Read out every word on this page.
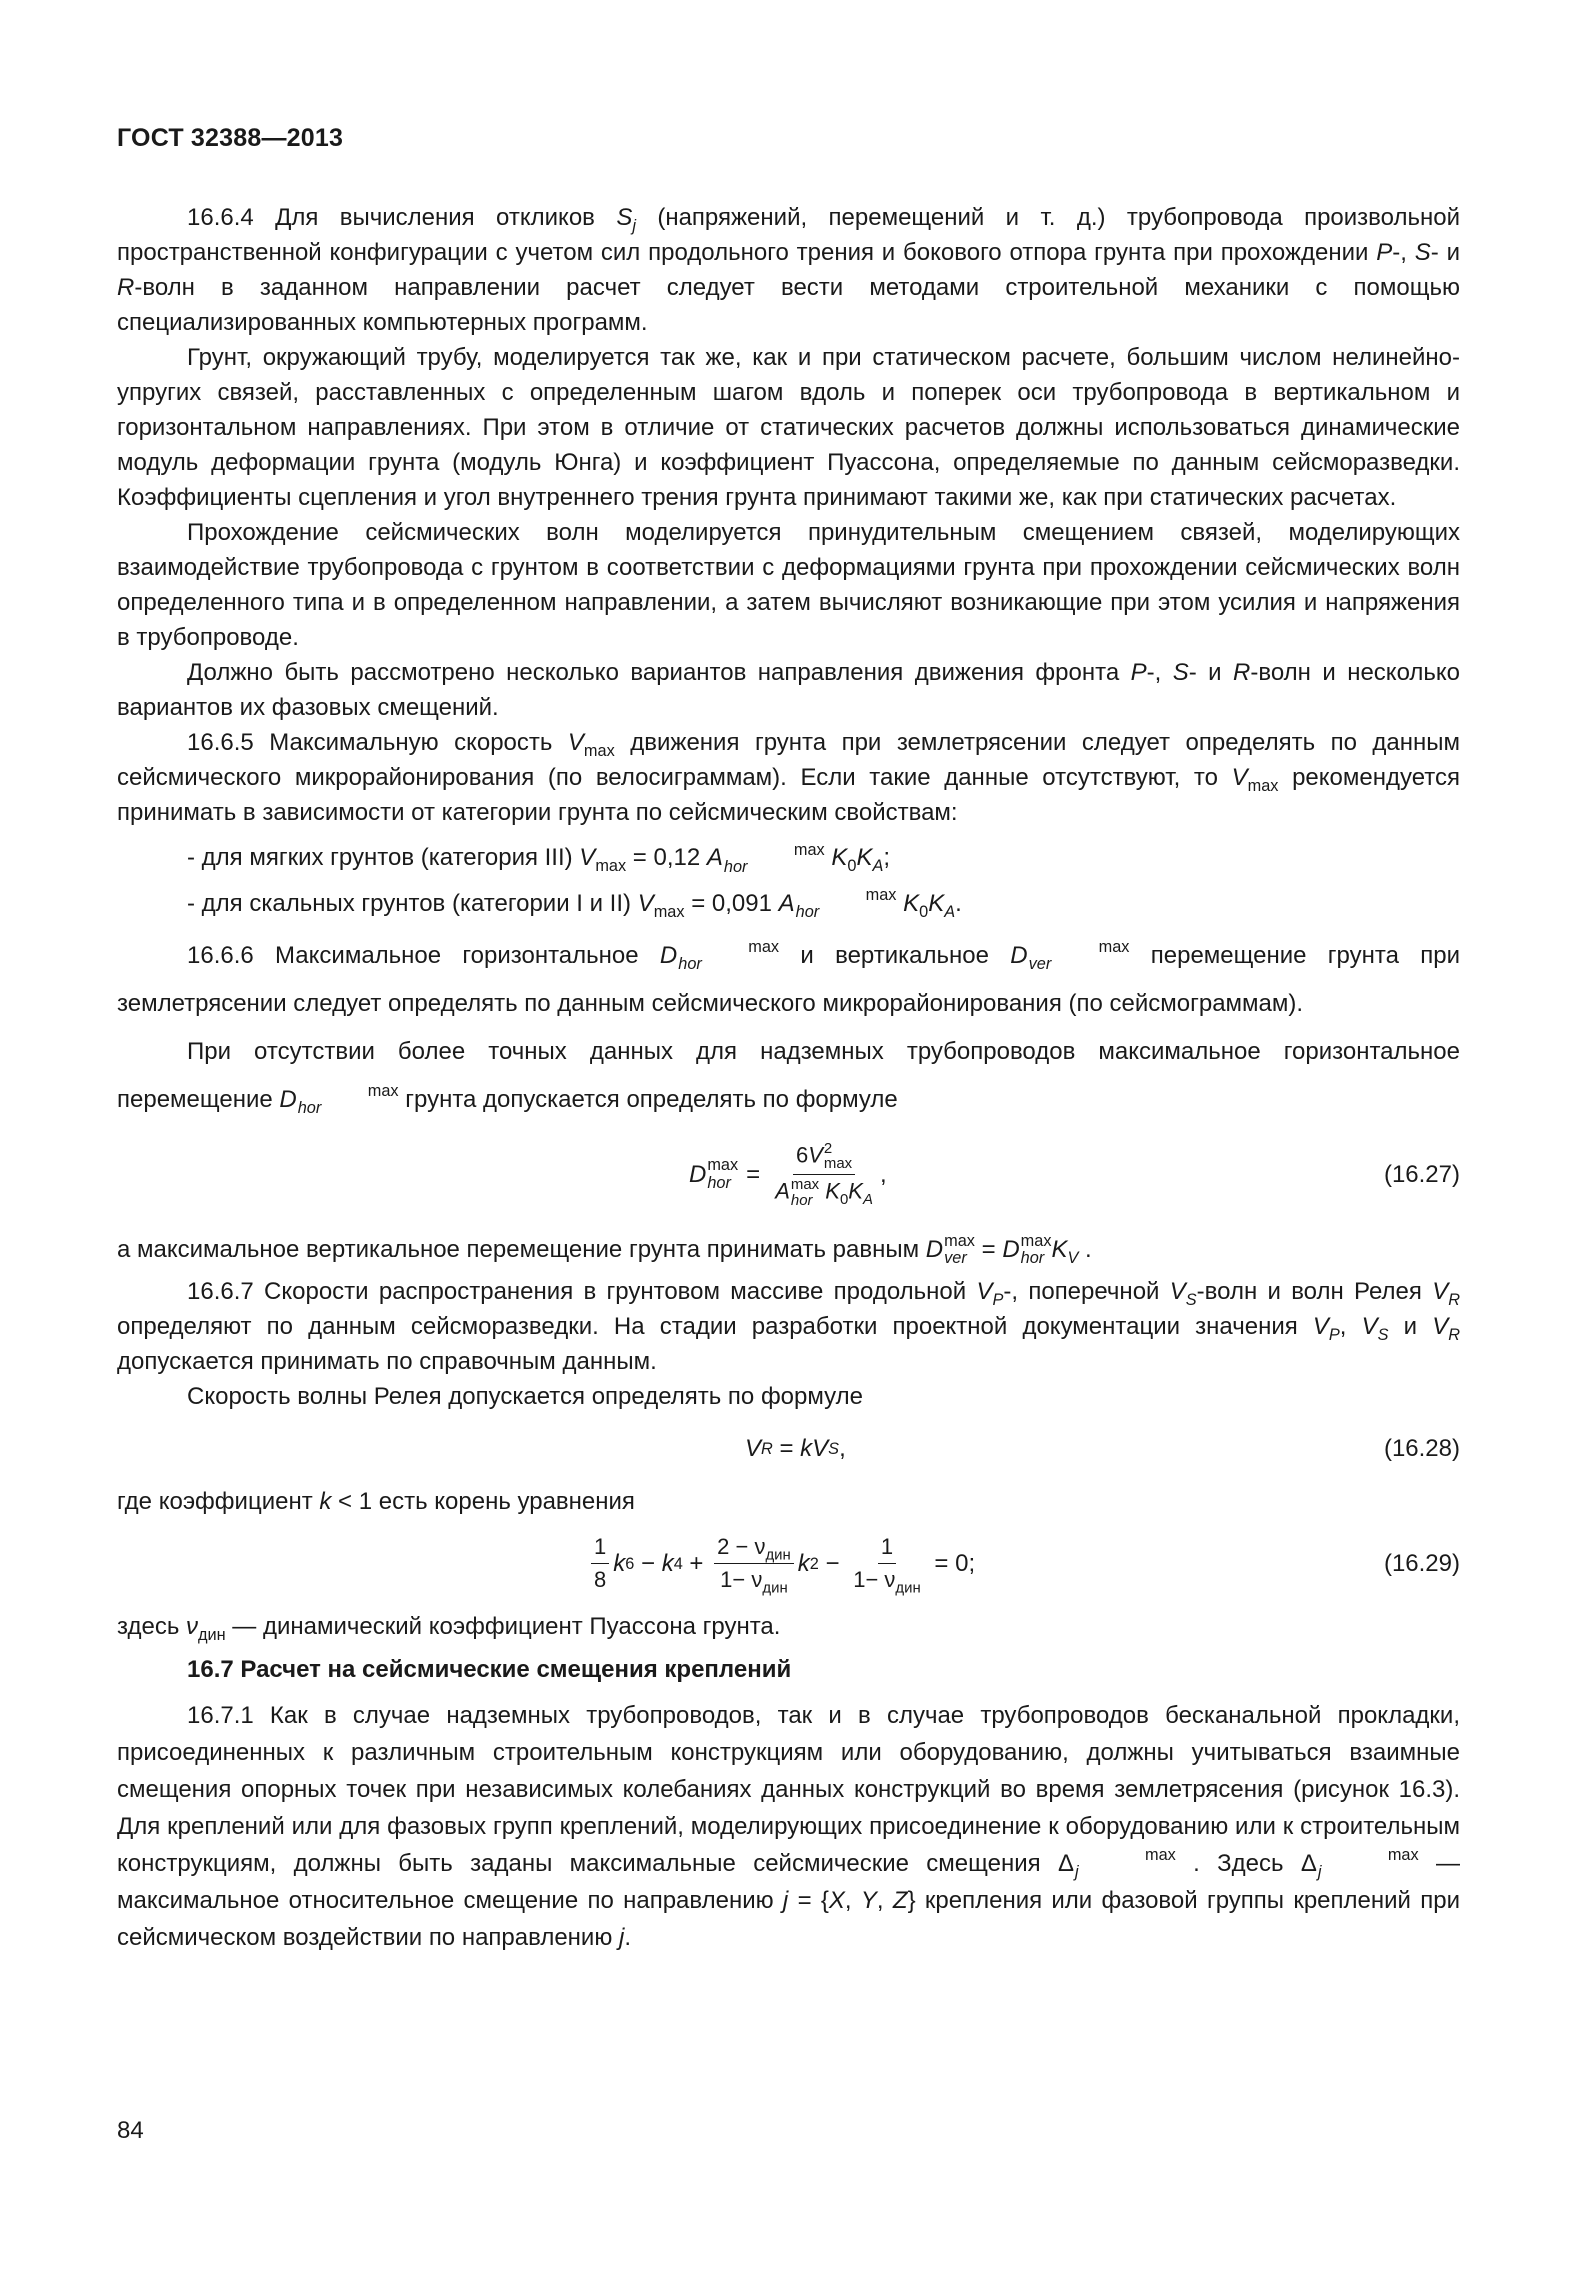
ГОСТ 32388—2013

16.6.4 Для вычисления откликов $S_j$ (напряжений, перемещений и т. д.) трубопровода произвольной пространственной конфигурации с учетом сил продольного трения и бокового отпора грунта при прохождении P-, S- и R-волн в заданном направлении расчет следует вести методами строительной механики с помощью специализированных компьютерных программ.

Грунт, окружающий трубу, моделируется так же, как и при статическом расчете, большим числом нелинейно-упругих связей, расставленных с определенным шагом вдоль и поперек оси трубопровода в вертикальном и горизонтальном направлениях. При этом в отличие от статических расчетов должны использоваться динамические модуль деформации грунта (модуль Юнга) и коэффициент Пуассона, определяемые по данным сейсморазведки. Коэффициенты сцепления и угол внутреннего трения грунта принимают такими же, как при статических расчетах.

Прохождение сейсмических волн моделируется принудительным смещением связей, моделирующих взаимодействие трубопровода с грунтом в соответствии с деформациями грунта при прохождении сейсмических волн определенного типа и в определенном направлении, а затем вычисляют возникающие при этом усилия и напряжения в трубопроводе.

Должно быть рассмотрено несколько вариантов направления движения фронта P-, S- и R-волн и несколько вариантов их фазовых смещений.

16.6.5 Максимальную скорость $V_{max}$ движения грунта при землетрясении следует определять по данным сейсмического микрорайонирования (по велосиграммам). Если такие данные отсутствуют, то $V_{max}$ рекомендуется принимать в зависимости от категории грунта по сейсмическим свойствам:

- для мягких грунтов (категория III) $V_{max} = 0,12$ A	max
hor	$K_0K_A$;

- для скальных грунтов (категории I и II) $V_{max} = 0,091$ A	max
hor	$K_0K_A$.

16.6.6 Максимальное горизонтальное D	max
hor	и вертикальное D	max
ver	перемещение грунта при землетрясении следует определять по данным сейсмического микрорайонирования (по сейсмограммам).

При отсутствии более точных данных для надземных трубопроводов максимальное горизонтальное перемещение D	max
hor	грунта допускается определять по формуле

D max
hor = 6V 2
max
A max
hor $K_0K_A$ ,	(16.27)

а максимальное вертикальное перемещение грунта принимать равным D max
ver = D max
hor $K_V$ .

16.6.7 Скорости распространения в грунтовом массиве продольной $V_P-$, поперечной $V_S$-волн и волн Релея $V_R$ определяют по данным сейсморазведки. На стадии разработки проектной документации значения $V_P$, $V_S$ и $V_R$ допускается принимать по справочным данным.

Скорость волны Релея допускается определять по формуле

V R = k V S ,	(16.28)

где коэффициент k < 1 есть корень уравнения

$\frac{1}{8}$ k 6 − k $4 + \frac{2 - \nu_{дин}}{1- \nu_{дин}}$ k $2 - \frac{1}{1- \nu_{дин}} = 0$;	(16.29)

здесь $\nu_{дин}$ — динамический коэффициент Пуассона грунта.

16.7 Расчет на сейсмические смещения креплений

16.7.1 Как в случае надземных трубопроводов, так и в случае трубопроводов бесканальной прокладки, присоединенных к различным строительным конструкциям или оборудованию, должны учитываться взаимные смещения опорных точек при независимых колебаниях данных конструкций во время землетрясения (рисунок 16.3). Для креплений или для фазовых групп креплений, моделирующих присоединение к оборудованию или к строительным конструкциям, должны быть заданы максимальные сейсмические смещения Δ	max
j	. Здесь Δ	max
j	— максимальное относительное смещение по направлению j = {X, Y, Z} крепления или фазовой группы креплений при сейсмическом воздействии по направлению j.

84
